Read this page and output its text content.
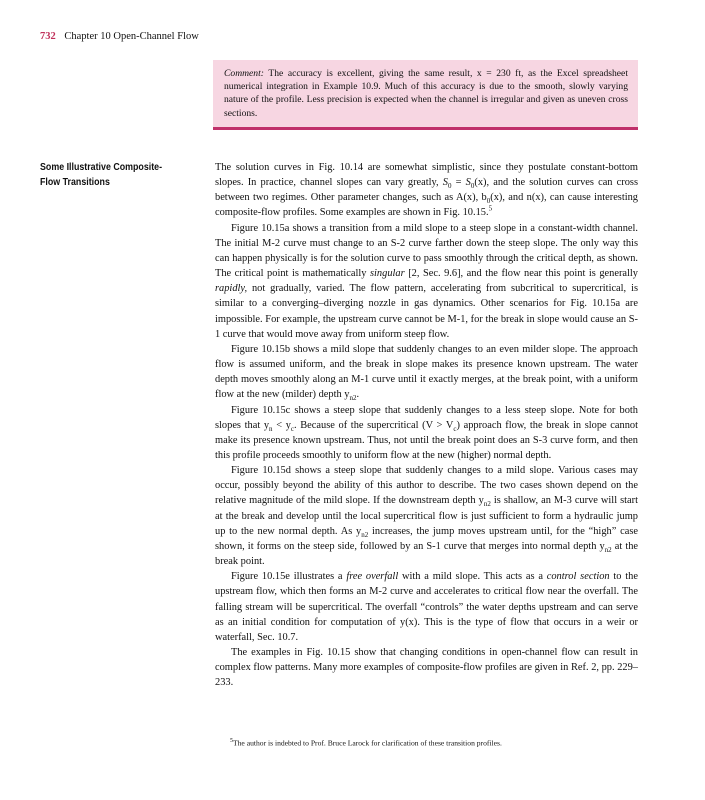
732 Chapter 10 Open-Channel Flow
Comment: The accuracy is excellent, giving the same result, x = 230 ft, as the Excel spreadsheet numerical integration in Example 10.9. Much of this accuracy is due to the smooth, slowly varying nature of the profile. Less precision is expected when the channel is irregular and given as uneven cross sections.
Some Illustrative Composite-Flow Transitions

The solution curves in Fig. 10.14 are somewhat simplistic, since they postulate constant-bottom slopes. In practice, channel slopes can vary greatly, $S_0 = S_0(x)$, and the solution curves can cross between two regimes. Other parameter changes, such as A(x), $b_0(x)$, and n(x), can cause interesting composite-flow profiles. Some examples are shown in Fig. 10.15.$^5$

Figure 10.15a shows a transition from a mild slope to a steep slope in a constant-width channel. The initial M-2 curve must change to an S-2 curve farther down the steep slope. The only way this can happen physically is for the solution curve to pass smoothly through the critical depth, as shown. The critical point is mathematically singular [2, Sec. 9.6], and the flow near this point is generally rapidly, not gradually, varied. The flow pattern, accelerating from subcritical to supercritical, is similar to a converging–diverging nozzle in gas dynamics. Other scenarios for Fig. 10.15a are impossible. For example, the upstream curve cannot be M-1, for the break in slope would cause an S-1 curve that would move away from uniform steep flow.

Figure 10.15b shows a mild slope that suddenly changes to an even milder slope. The approach flow is assumed uniform, and the break in slope makes its presence known upstream. The water depth moves smoothly along an M-1 curve until it exactly merges, at the break point, with a uniform flow at the new (milder) depth $y_{n2}$.

Figure 10.15c shows a steep slope that suddenly changes to a less steep slope. Note for both slopes that $y_n < y_c$. Because of the supercritical $(V > V_c)$ approach flow, the break in slope cannot make its presence known upstream. Thus, not until the break point does an S-3 curve form, and then this profile proceeds smoothly to uniform flow at the new (higher) normal depth.

Figure 10.15d shows a steep slope that suddenly changes to a mild slope. Various cases may occur, possibly beyond the ability of this author to describe. The two cases shown depend on the relative magnitude of the mild slope. If the downstream depth $y_{n2}$ is shallow, an M-3 curve will start at the break and develop until the local supercritical flow is just sufficient to form a hydraulic jump up to the new normal depth. As $y_{n2}$ increases, the jump moves upstream until, for the “high” case shown, it forms on the steep side, followed by an S-1 curve that merges into normal depth $y_{n2}$ at the break point.

Figure 10.15e illustrates a free overfall with a mild slope. This acts as a control section to the upstream flow, which then forms an M-2 curve and accelerates to critical flow near the overfall. The falling stream will be supercritical. The overfall “controls” the water depths upstream and can serve as an initial condition for computation of y(x). This is the type of flow that occurs in a weir or waterfall, Sec. 10.7.

The examples in Fig. 10.15 show that changing conditions in open-channel flow can result in complex flow patterns. Many more examples of composite-flow profiles are given in Ref. 2, pp. 229–233.

$^5$The author is indebted to Prof. Bruce Larock for clarification of these transition profiles.
